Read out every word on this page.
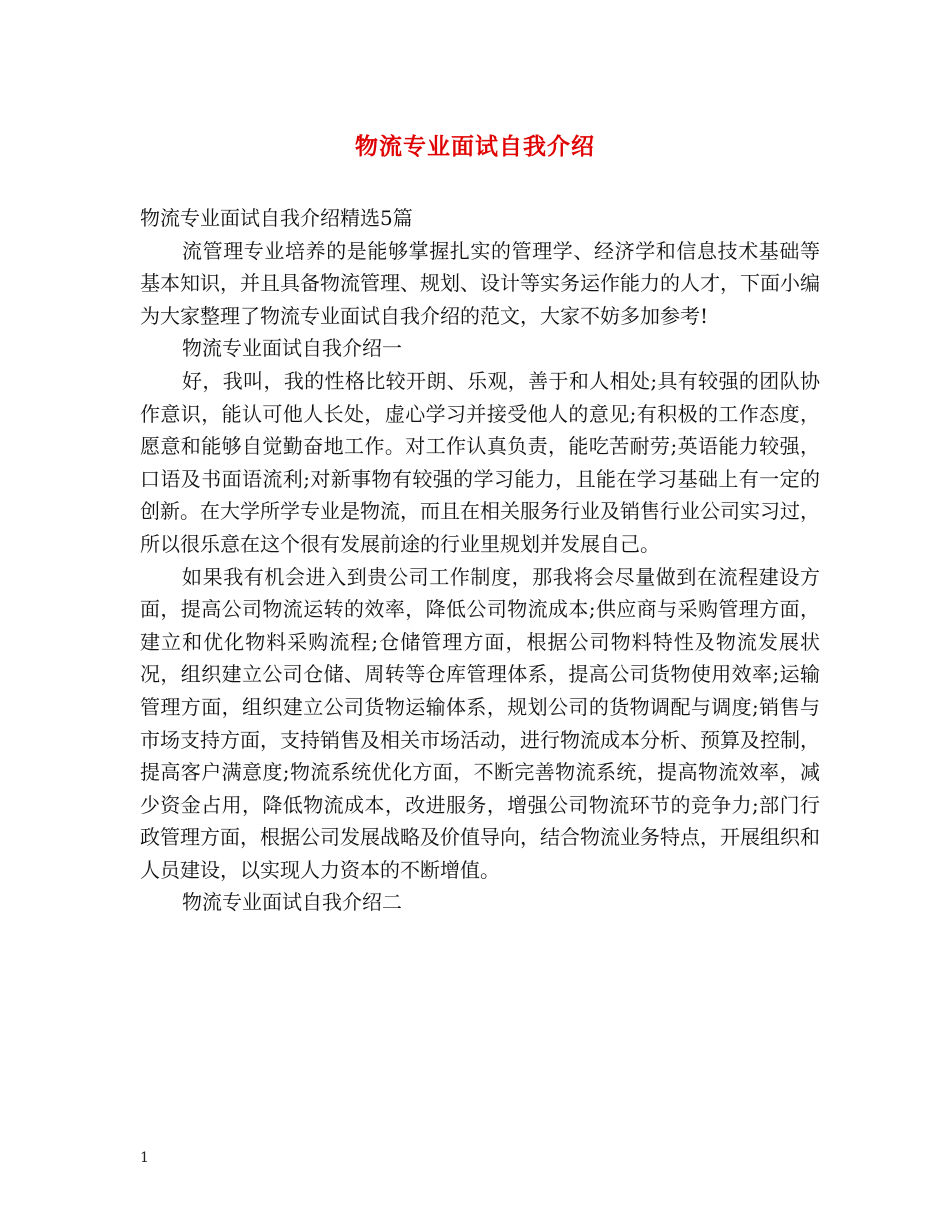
物流专业面试自我介绍

物流专业面试自我介绍精选5篇

流管理专业培养的是能够掌握扎实的管理学、经济学和信息技术基础等基本知识，并且具备物流管理、规划、设计等实务运作能力的人才，下面小编为大家整理了物流专业面试自我介绍的范文，大家不妨多加参考!

物流专业面试自我介绍一

好，我叫，我的性格比较开朗、乐观，善于和人相处;具有较强的团队协作意识，能认可他人长处，虚心学习并接受他人的意见;有积极的工作态度，愿意和能够自觉勤奋地工作。对工作认真负责，能吃苦耐劳;英语能力较强，口语及书面语流利;对新事物有较强的学习能力，且能在学习基础上有一定的创新。在大学所学专业是物流，而且在相关服务行业及销售行业公司实习过，所以很乐意在这个很有发展前途的行业里规划并发展自己。

如果我有机会进入到贵公司工作制度，那我将会尽量做到在流程建设方面，提高公司物流运转的效率，降低公司物流成本;供应商与采购管理方面，建立和优化物料采购流程;仓储管理方面，根据公司物料特性及物流发展状况，组织建立公司仓储、周转等仓库管理体系，提高公司货物使用效率;运输管理方面，组织建立公司货物运输体系，规划公司的货物调配与调度;销售与市场支持方面，支持销售及相关市场活动，进行物流成本分析、预算及控制，提高客户满意度;物流系统优化方面，不断完善物流系统，提高物流效率，减少资金占用，降低物流成本，改进服务，增强公司物流环节的竞争力;部门行政管理方面，根据公司发展战略及价值导向，结合物流业务特点，开展组织和人员建设，以实现人力资本的不断增值。

物流专业面试自我介绍二

1
